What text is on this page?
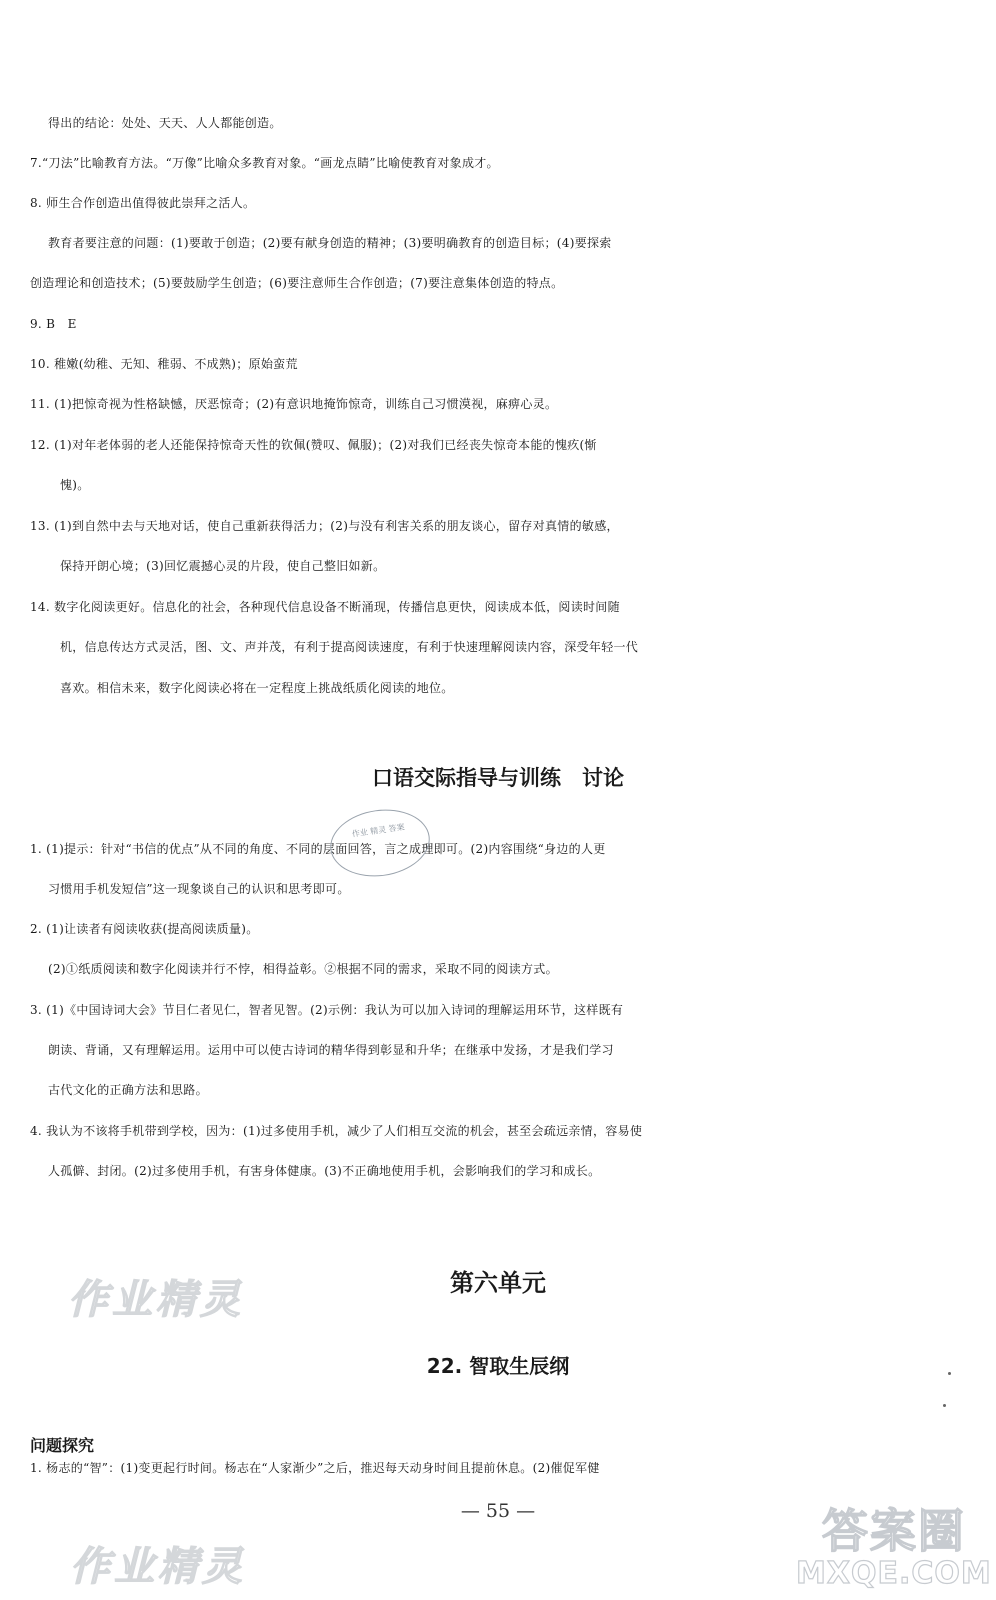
得出的结论：处处、天天、人人都能创造。
7.“刀法”比喻教育方法。“万像”比喻众多教育对象。“画龙点睛”比喻使教育对象成才。
8. 师生合作创造出值得彼此崇拜之活人。
教育者要注意的问题：(1)要敢于创造；(2)要有献身创造的精神；(3)要明确教育的创造目标；(4)要探索
创造理论和创造技术；(5)要鼓励学生创造；(6)要注意师生合作创造；(7)要注意集体创造的特点。
9. B　E
10. 稚嫩(幼稚、无知、稚弱、不成熟)；原始蛮荒
11. (1)把惊奇视为性格缺憾，厌恶惊奇；(2)有意识地掩饰惊奇，训练自己习惯漠视，麻痹心灵。
12. (1)对年老体弱的老人还能保持惊奇天性的钦佩(赞叹、佩服)；(2)对我们已经丧失惊奇本能的愧疚(惭
愧)。
13. (1)到自然中去与天地对话，使自己重新获得活力；(2)与没有利害关系的朋友谈心，留存对真情的敏感，
保持开朗心境；(3)回忆震撼心灵的片段，使自己整旧如新。
14. 数字化阅读更好。信息化的社会，各种现代信息设备不断涌现，传播信息更快，阅读成本低，阅读时间随
机，信息传达方式灵活，图、文、声并茂，有利于提高阅读速度，有利于快速理解阅读内容，深受年轻一代
喜欢。相信未来，数字化阅读必将在一定程度上挑战纸质化阅读的地位。
1. (1)提示：针对“书信的优点”从不同的角度、不同的层面回答，言之成理即可。(2)内容围绕“身边的人更
习惯用手机发短信”这一现象谈自己的认识和思考即可。
2. (1)让读者有阅读收获(提高阅读质量)。
(2)①纸质阅读和数字化阅读并行不悖，相得益彰。②根据不同的需求，采取不同的阅读方式。
3. (1)《中国诗词大会》节目仁者见仁，智者见智。(2)示例：我认为可以加入诗词的理解运用环节，这样既有
朗读、背诵，又有理解运用。运用中可以使古诗词的精华得到彰显和升华；在继承中发扬，才是我们学习
古代文化的正确方法和思路。
4. 我认为不该将手机带到学校，因为：(1)过多使用手机，减少了人们相互交流的机会，甚至会疏远亲情，容易使
人孤僻、封闭。(2)过多使用手机，有害身体健康。(3)不正确地使用手机，会影响我们的学习和成长。
1. 杨志的“智”：(1)变更起行时间。杨志在“人家渐少”之后，推迟每天动身时间且提前休息。(2)催促军健
口语交际指导与训练　讨论
作业 精灵 答案
第六单元
22. 智取生辰纲
问题探究
— 55 —
作业精灵
作业精灵
答案圈
MXQE.COM
